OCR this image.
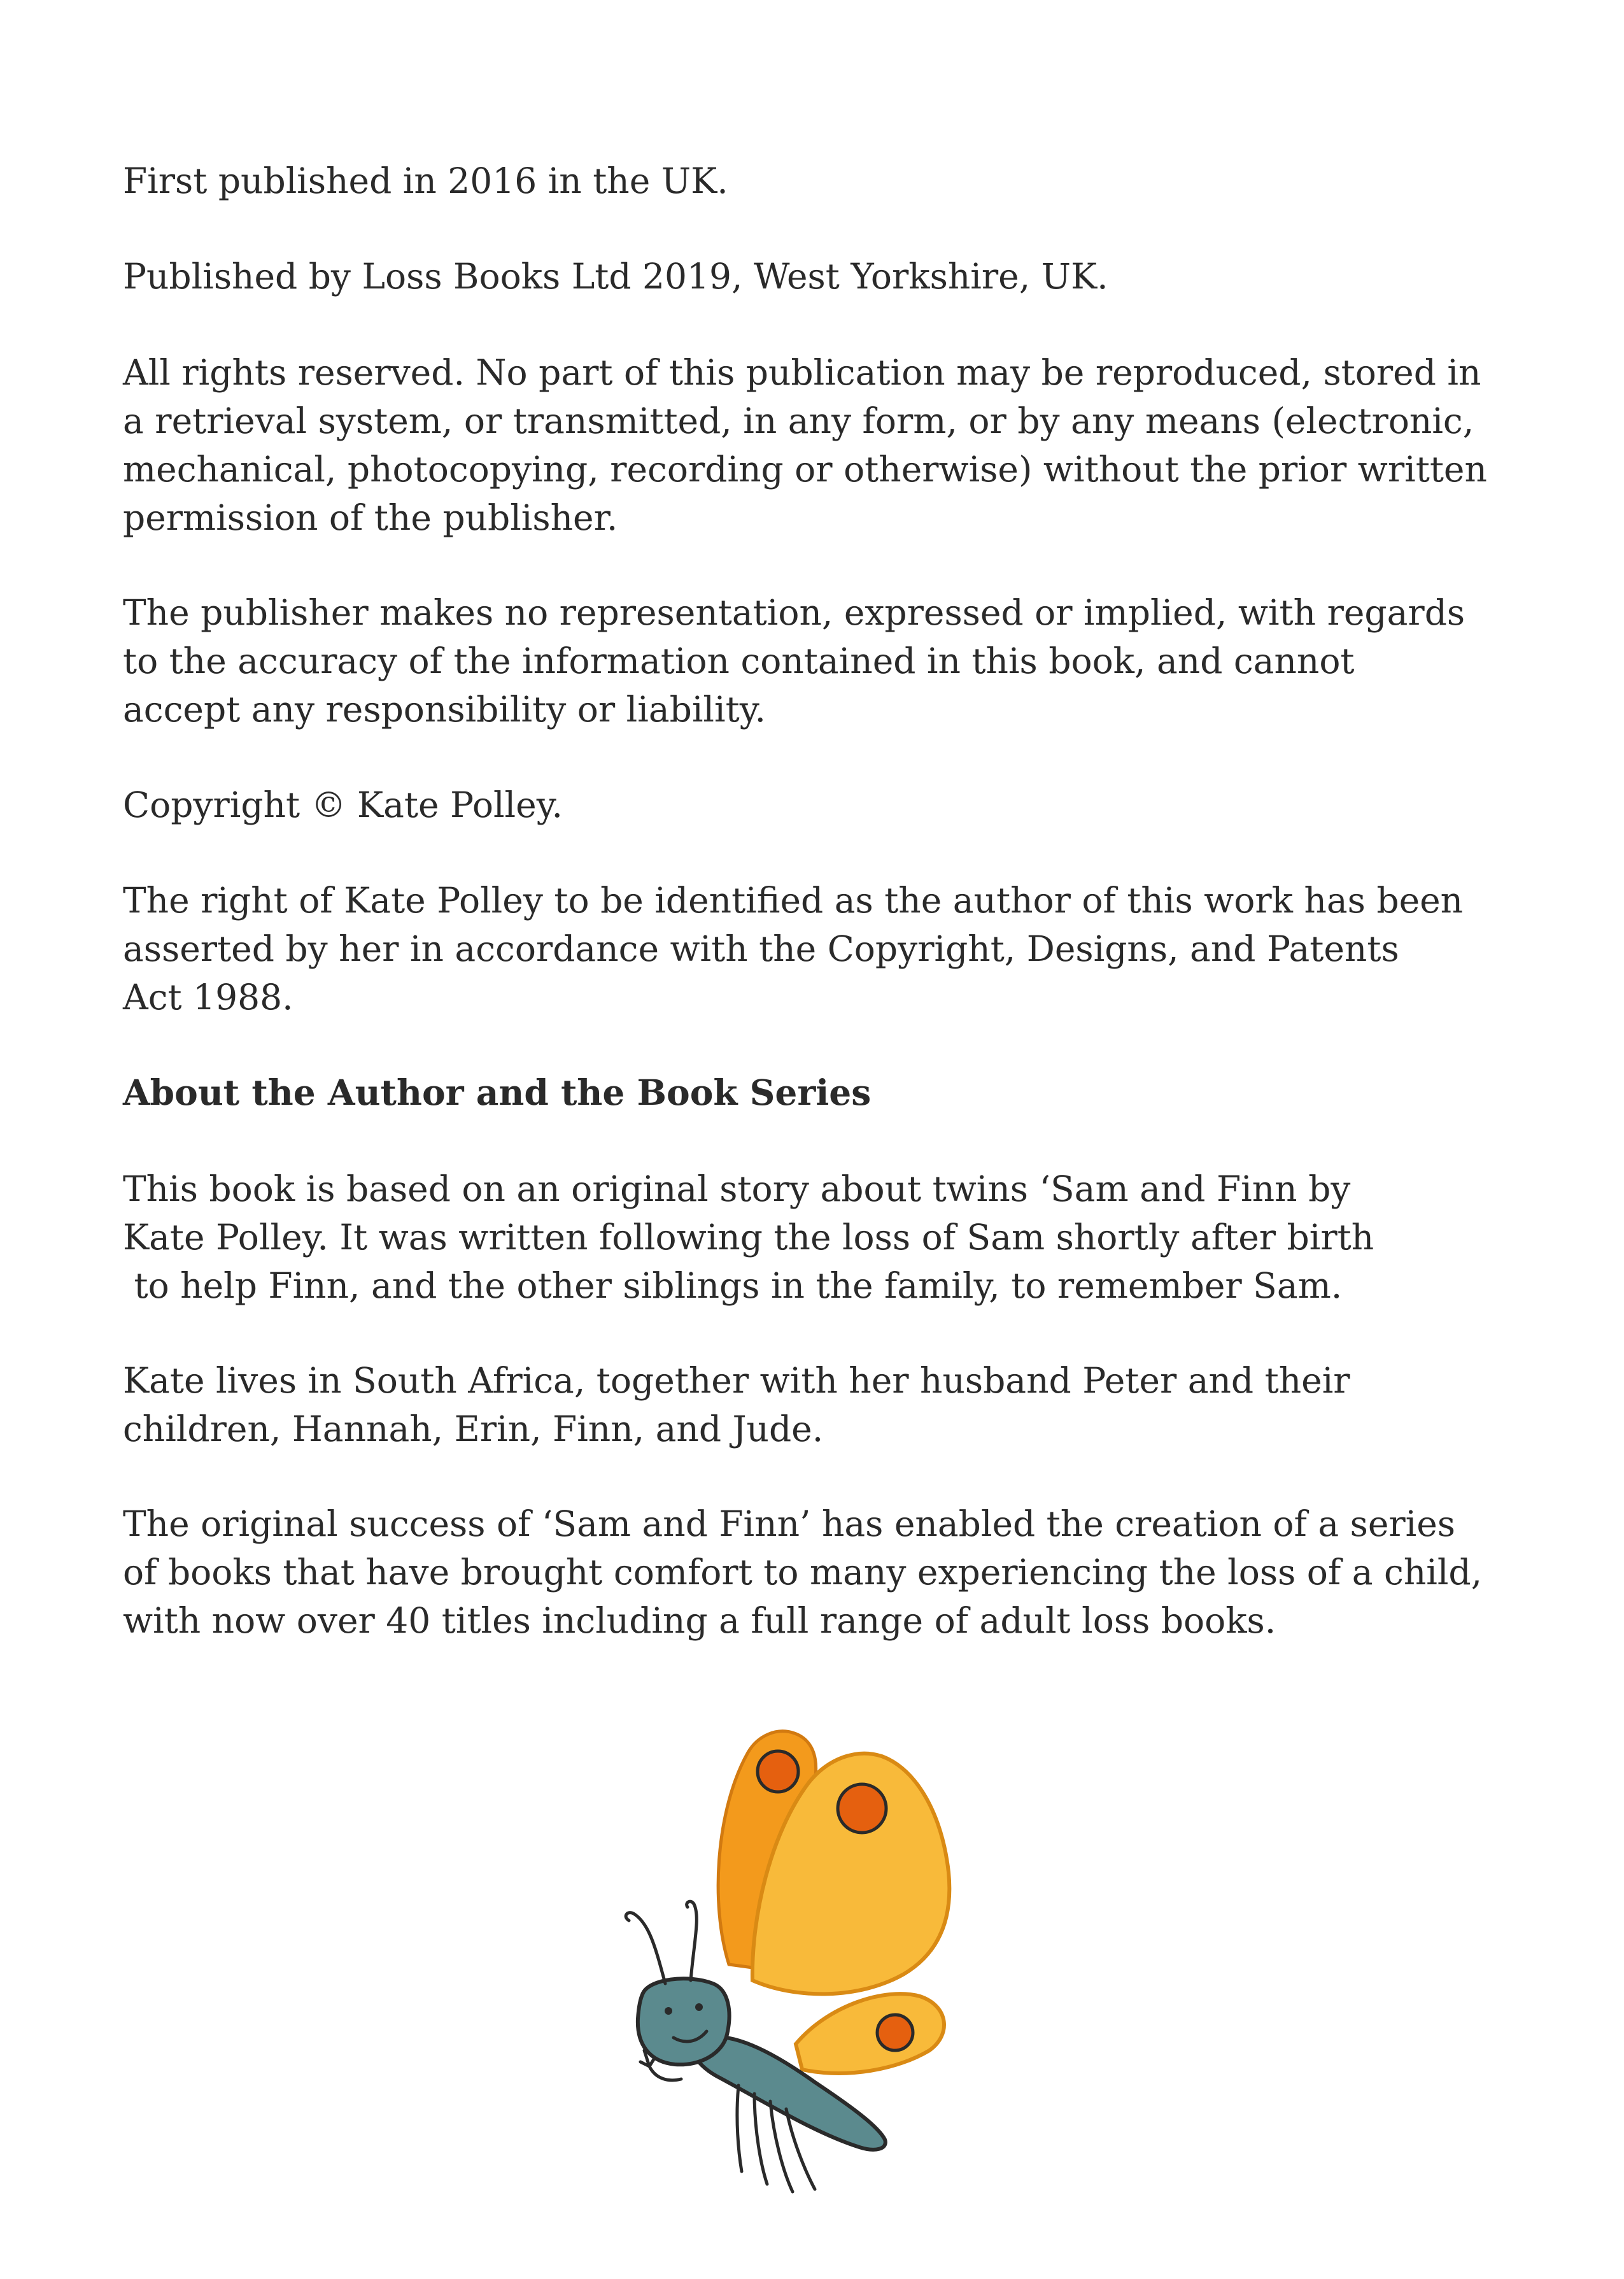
First published in 2016 in the UK.

Published by Loss Books Ltd 2019, West Yorkshire, UK.

All rights reserved. No part of this publication may be reproduced, stored in

a retrieval system, or transmitted, in any form, or by any means (electronic,

mechanical, photocopying, recording or otherwise) without the prior written

permission of the publisher.

The publisher makes no representation, expressed or implied, with regards

to the accuracy of the information contained in this book, and cannot

accept any responsibility or liability.

Copyright © Kate Polley.

The right of Kate Polley to be identified as the author of this work has been

asserted by her in accordance with the Copyright, Designs, and Patents

Act 1988.

About the Author and the Book Series

This book is based on an original story about twins ‘Sam and Finn by

Kate Polley. It was written following the loss of Sam shortly after birth

to help Finn, and the other siblings in the family, to remember Sam.

Kate lives in South Africa, together with her husband Peter and their

children, Hannah, Erin, Finn, and Jude.

The original success of ‘Sam and Finn’ has enabled the creation of a series

of books that have brought comfort to many experiencing the loss of a child,

with now over 40 titles including a full range of adult loss books.
